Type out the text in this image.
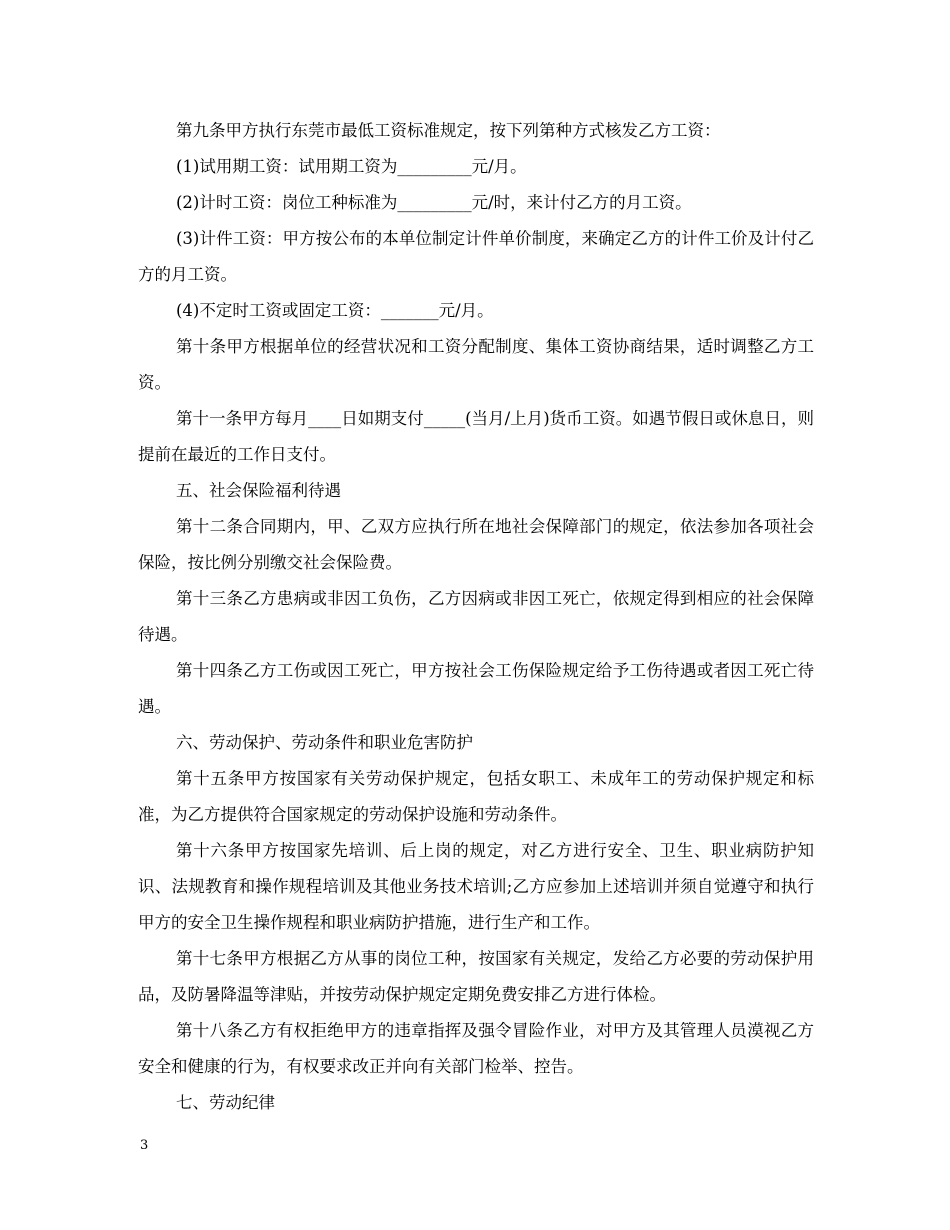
第九条甲方执行东莞市最低工资标准规定，按下列第种方式核发乙方工资：

(1)试用期工资：试用期工资为_________元/月。

(2)计时工资：岗位工种标准为_________元/时，来计付乙方的月工资。

(3)计件工资：甲方按公布的本单位制定计件单价制度，来确定乙方的计件工价及计付乙方的月工资。

(4)不定时工资或固定工资：_______元/月。

第十条甲方根据单位的经营状况和工资分配制度、集体工资协商结果，适时调整乙方工资。

第十一条甲方每月____日如期支付_____(当月/上月)货币工资。如遇节假日或休息日，则提前在最近的工作日支付。

五、社会保险福利待遇

第十二条合同期内，甲、乙双方应执行所在地社会保障部门的规定，依法参加各项社会保险，按比例分别缴交社会保险费。

第十三条乙方患病或非因工负伤，乙方因病或非因工死亡，依规定得到相应的社会保障待遇。

第十四条乙方工伤或因工死亡，甲方按社会工伤保险规定给予工伤待遇或者因工死亡待遇。

六、劳动保护、劳动条件和职业危害防护

第十五条甲方按国家有关劳动保护规定，包括女职工、未成年工的劳动保护规定和标准，为乙方提供符合国家规定的劳动保护设施和劳动条件。

第十六条甲方按国家先培训、后上岗的规定，对乙方进行安全、卫生、职业病防护知识、法规教育和操作规程培训及其他业务技术培训;乙方应参加上述培训并须自觉遵守和执行甲方的安全卫生操作规程和职业病防护措施，进行生产和工作。

第十七条甲方根据乙方从事的岗位工种，按国家有关规定，发给乙方必要的劳动保护用品，及防暑降温等津贴，并按劳动保护规定定期免费安排乙方进行体检。

第十八条乙方有权拒绝甲方的违章指挥及强令冒险作业，对甲方及其管理人员漠视乙方安全和健康的行为，有权要求改正并向有关部门检举、控告。

七、劳动纪律

3
